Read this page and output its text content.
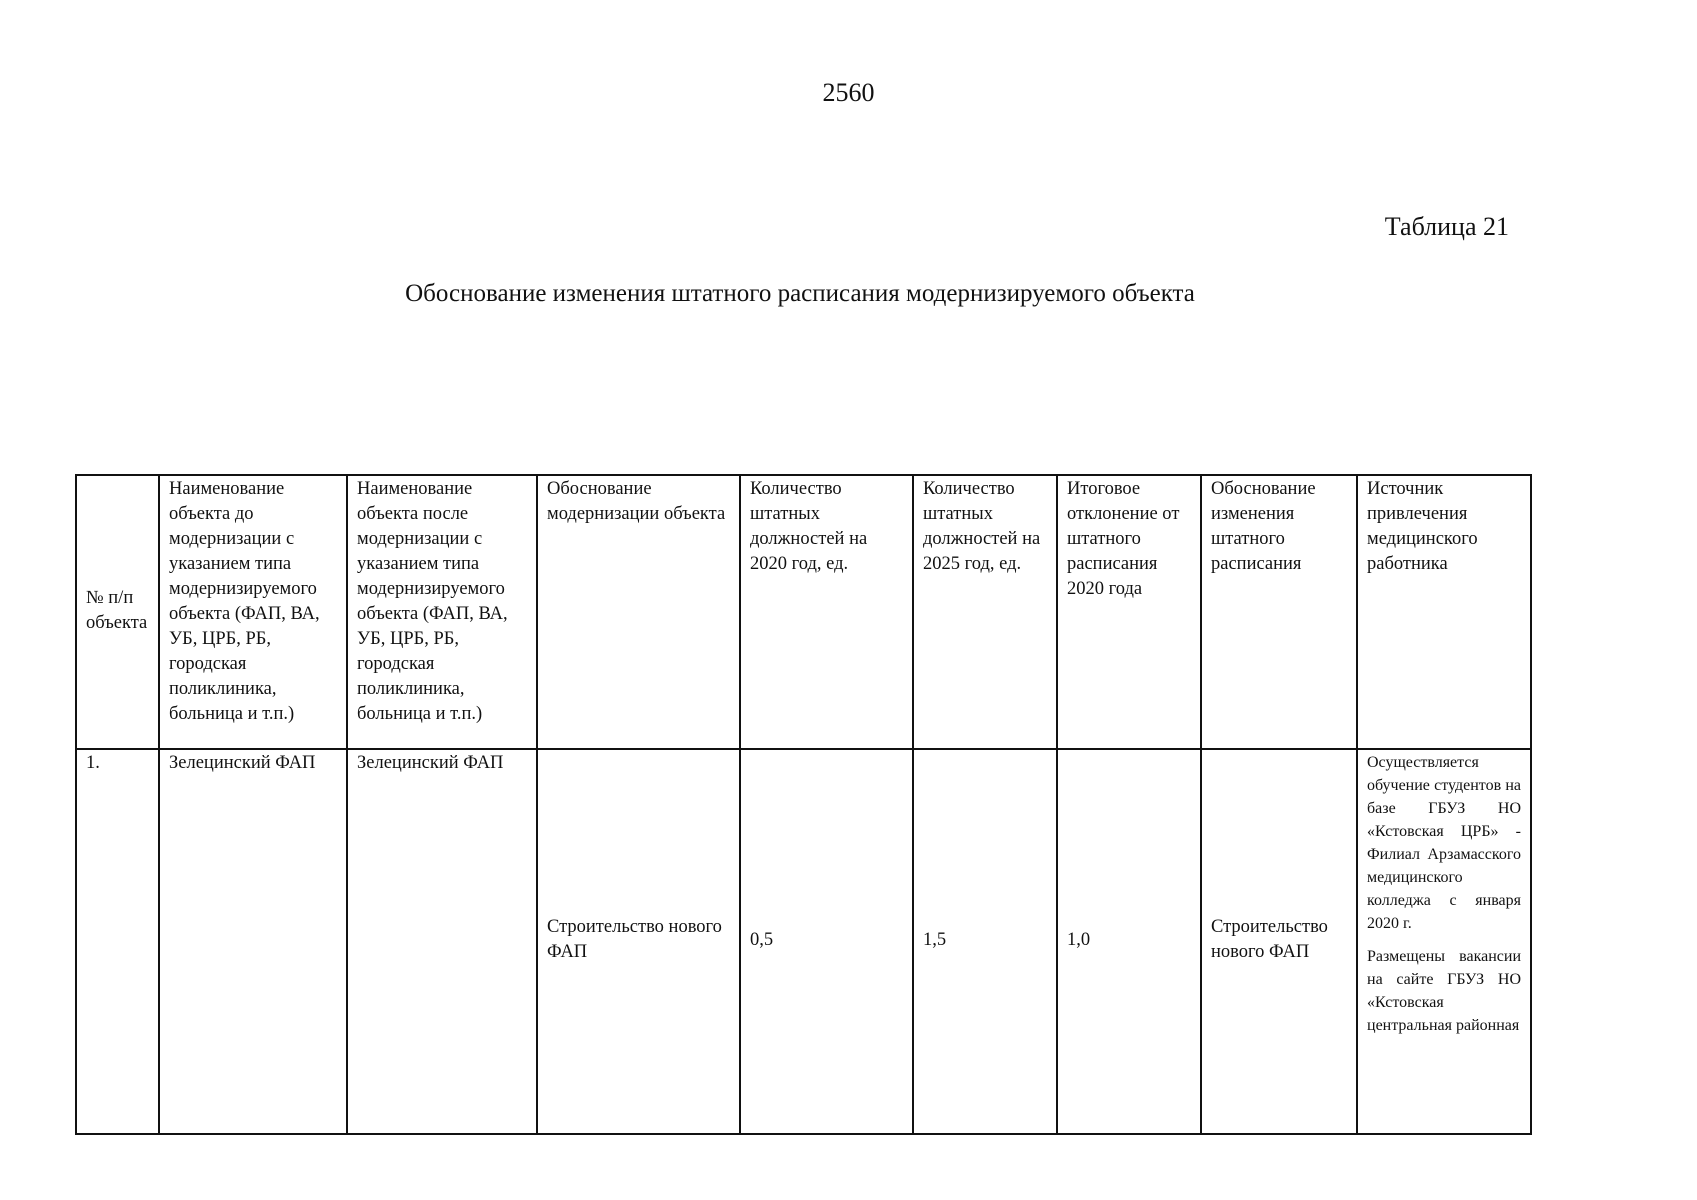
2560
Таблица 21
Обоснование изменения штатного расписания модернизируемого объекта
№ п/п объекта	Наименование объекта до модернизации с указанием типа модернизируемого объекта (ФАП, ВА, УБ, ЦРБ, РБ, городская поликлиника, больница и т.п.)	Наименование объекта после модернизации с указанием типа модернизируемого объекта (ФАП, ВА, УБ, ЦРБ, РБ, городская поликлиника, больница и т.п.)	Обоснование модернизации объекта	Количество штатных должностей на 2020 год, ед.	Количество штатных должностей на 2025 год, ед.	Итоговое отклонение от штатного расписания 2020 года	Обоснование изменения штатного расписания	Источник привлечения медицинского работника
1.	Зелецинский ФАП	Зелецинский ФАП	Строительство нового ФАП	0,5	1,5	1,0	Строительство нового ФАП	Осуществляется обучение студентов на базе ГБУЗ НО «Кстовская ЦРБ» - Филиал Арзамасского медицинского колледжа с января 2020 г.

Размещены вакансии на сайте ГБУЗ НО «Кстовская центральная районная
